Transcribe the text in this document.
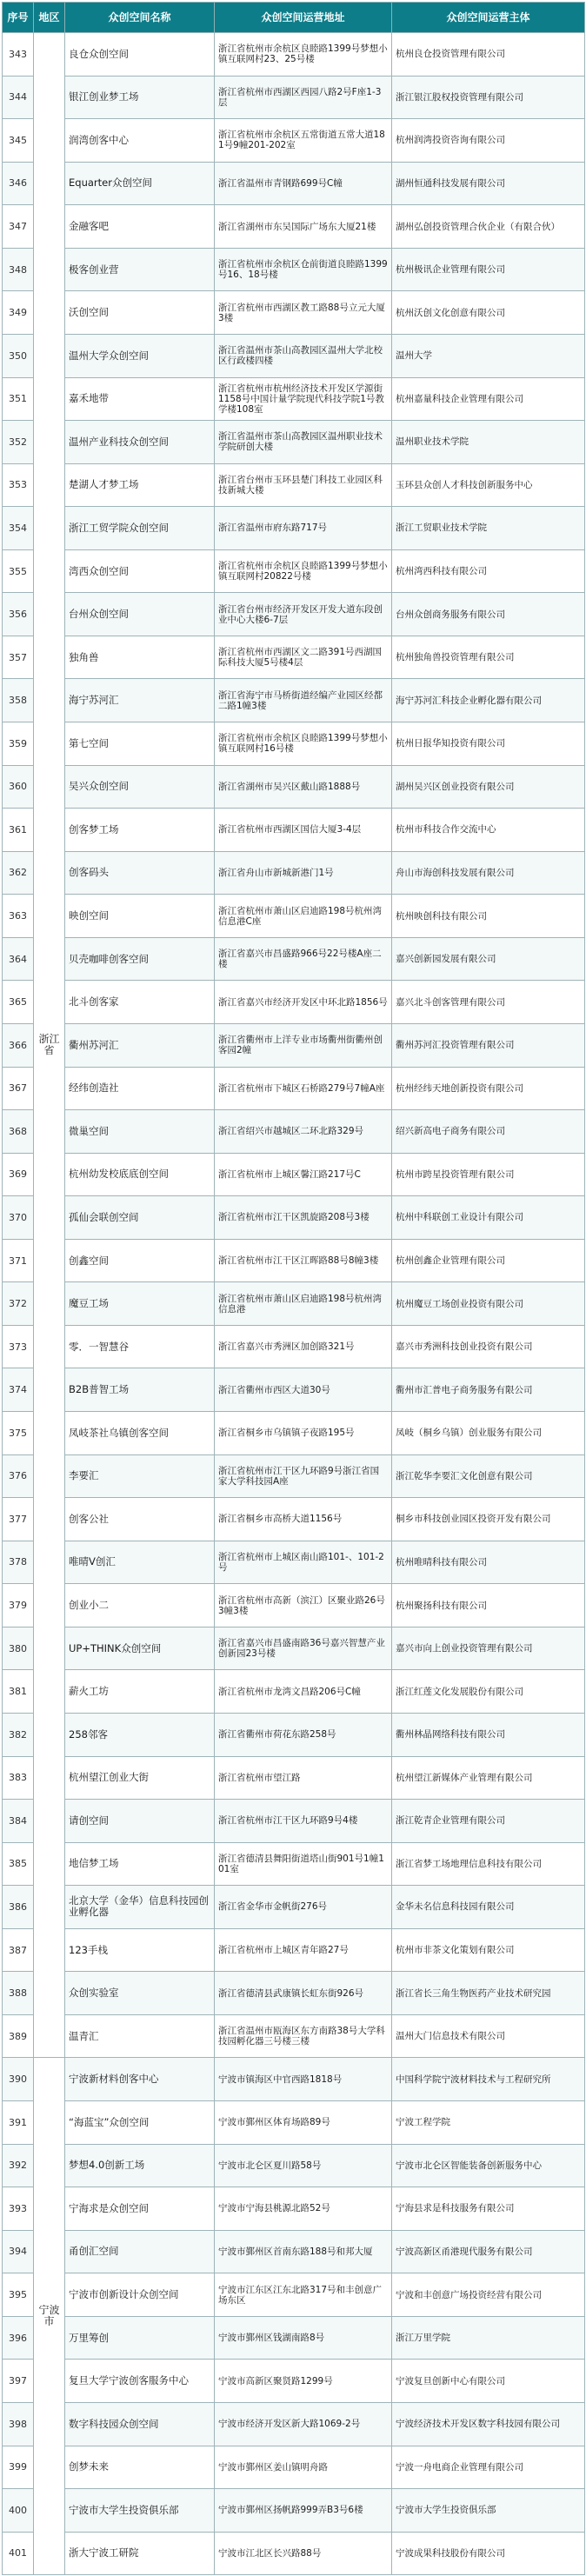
序号	地区	众创空间名称	众创空间运营地址	众创空间运营主体
343	浙江省	良仓众创空间	浙江省杭州市余杭区良睦路1399号梦想小镇互联网村23、25号楼	杭州良仓投资管理有限公司
344		银江创业梦工场	浙江省杭州市西湖区西园八路2号F座1-3层	浙江银江股权投资管理有限公司
345		润湾创客中心	浙江省杭州市余杭区五常街道五常大道181号9幢201-202室	杭州润湾投资咨询有限公司
346		Equarter众创空间	浙江省温州市青钢路699号C幢	湖州恒通科技发展有限公司
347		金融客吧	浙江省湖州市东吴国际广场东大厦21楼	湖州弘创投资管理合伙企业（有限合伙）
348		极客创业营	浙江省杭州市余杭区仓前街道良睦路1399号16、18号楼	杭州极讯企业管理有限公司
349		沃创空间	浙江省杭州市西湖区教工路88号立元大厦3楼	杭州沃创文化创意有限公司
350		温州大学众创空间	浙江省温州市茶山高教园区温州大学北校区行政楼四楼	温州大学
351		嘉禾地带	浙江省杭州市杭州经济技术开发区学源街1158号中国计量学院现代科技学院1号教学楼108室	杭州嘉量科技企业管理有限公司
352		温州产业科技众创空间	浙江省温州市茶山高教园区温州职业技术学院研创大楼	温州职业技术学院
353		楚湖人才梦工场	浙江省台州市玉环县楚门科技工业园区科技新城大楼	玉环县众创人才科技创新服务中心
354		浙江工贸学院众创空间	浙江省温州市府东路717号	浙江工贸职业技术学院
355		湾西众创空间	浙江省杭州市余杭区良睦路1399号梦想小镇互联网村20822号楼	杭州湾西科技有限公司
356		台州众创空间	浙江省台州市经济开发区开发大道东段创业中心大楼6-7层	台州众创商务服务有限公司
357		独角兽	浙江省杭州市西湖区文二路391号西湖国际科技大厦5号楼4层	杭州独角兽投资管理有限公司
358		海宁苏河汇	浙江省海宁市马桥街道经编产业园区经都二路1幢3楼	海宁苏河汇科技企业孵化器有限公司
359		第七空间	浙江省杭州市余杭区良睦路1399号梦想小镇互联网村16号楼	杭州日报华知投资有限公司
360		吴兴众创空间	浙江省湖州市吴兴区戴山路1888号	湖州吴兴区创业投资有限公司
361		创客梦工场	浙江省杭州市西湖区国信大厦3-4层	杭州市科技合作交流中心
362		创客码头	浙江省舟山市新城新港门1号	舟山市海创科技发展有限公司
363		映创空间	浙江省杭州市萧山区启迪路198号杭州湾信息港C座	杭州映创科技有限公司
364		贝壳咖啡创客空间	浙江省嘉兴市昌盛路966号22号楼A座二楼	嘉兴创新园发展有限公司
365		北斗创客家	浙江省嘉兴市经济开发区中环北路1856号	嘉兴北斗创客管理有限公司
366		衢州苏河汇	浙江省衢州市上洋专业市场衢州街衢州创客园2幢	衢州苏河汇投资管理有限公司
367		经纬创造社	浙江省杭州市下城区石桥路279号7幢A座	杭州经纬天地创新投资有限公司
368		微巢空间	浙江省绍兴市越城区二环北路329号	绍兴新高电子商务有限公司
369		杭州幼发校底底创空间	浙江省杭州市上城区馨江路217号C	杭州市跨星投资管理有限公司
370		孤仙会联创空间	浙江省杭州市江干区凯旋路208号3楼	杭州中科联创工业设计有限公司
371		创鑫空间	浙江省杭州市江干区江晖路88号8幢3楼	杭州创鑫企业管理有限公司
372		魔豆工场	浙江省杭州市萧山区启迪路198号杭州湾信息港	杭州魔豆工场创业投资有限公司
373		零．一智慧谷	浙江省嘉兴市秀洲区加创路321号	嘉兴市秀洲科技创业投资有限公司
374		B2B普智工场	浙江省衢州市西区大道30号	衢州市汇普电子商务服务有限公司
375		凤岐茶社乌镇创客空间	浙江省桐乡市乌镇镇子夜路195号	凤岐（桐乡乌镇）创业服务有限公司
376		李要汇	浙江省杭州市江干区九环路9号浙江省国家大学科技园A座	浙江乾华李要汇文化创意有限公司
377		创客公社	浙江省桐乡市高桥大道1156号	桐乡市科技创业园区投资开发有限公司
378		唯晴V创汇	浙江省杭州市上城区南山路101-、101-2号	杭州唯晴科技有限公司
379		创业小二	浙江省杭州市高新（滨江）区聚业路26号3幢3楼	杭州聚扬科技有限公司
380		UP+THINK众创空间	浙江省嘉兴市昌盛南路36号嘉兴智慧产业创新园23号楼	嘉兴市向上创业投资管理有限公司
381		薪火工坊	浙江省杭州市龙湾文昌路206号C幢	浙江红莲文化发展股份有限公司
382		258邻客	浙江省衢州市荷花东路258号	衢州林晶网络科技有限公司
383		杭州望江创业大街	浙江省杭州市望江路	杭州望江新媒体产业管理有限公司
384		请创空间	浙江省杭州市江干区九环路9号4楼	浙江乾青企业管理有限公司
385		地信梦工场	浙江省德清县舞阳街道塔山街901号1幢101室	浙江省梦工场地理信息科技有限公司
386		北京大学（金华）信息科技园创业孵化器	浙江省金华市金帆街276号	金华未名信息科技园有限公司
387		123手栈	浙江省杭州市上城区青年路27号	杭州市非茶文化策划有限公司
388		众创实验室	浙江省德清县武康镇长虹东街926号	浙江省长三角生物医药产业技术研究园
389		温青汇	浙江省温州市瓯海区东方南路38号大学科技园孵化器三号楼三楼	温州大门信息技术有限公司
390	宁波市	宁波新材料创客中心	宁波市镇海区中官西路1818号	中国科学院宁波材料技术与工程研究所
391		“海蓝宝”众创空间	宁波市鄞州区体育场路89号	宁波工程学院
392		梦想4.0创新工场	宁波市北仑区夏川路58号	宁波市北仑区智能装备创新服务中心
393		宁海求是众创空间	宁波市宁海县桃源北路52号	宁海县求是科技服务有限公司
394		甬创汇空间	宁波市鄞州区首南东路188号和邦大厦	宁波高新区甬港现代服务有限公司
395		宁波市创新设计众创空间	宁波市江东区江东北路317号和丰创意广场东区	宁波和丰创意广场投资经营有限公司
396		万里筹创	宁波市鄞州区钱湖南路8号	浙江万里学院
397		复旦大学宁波创客服务中心	宁波市高新区聚贤路1299号	宁波复旦创新中心有限公司
398		数字科技园众创空间	宁波市经济开发区新大路1069-2号	宁波经济技术开发区数字科技园有限公司
399		创梦未来	宁波市鄞州区姜山镇明舟路	宁波一舟电商企业管理有限公司
400		宁波市大学生投资俱乐部	宁波市鄞州区扬帆路999弄B3号6楼	宁波市大学生投资俱乐部
401		浙大宁波工研院	宁波市江北区长兴路88号	宁波成果科技股份有限公司
